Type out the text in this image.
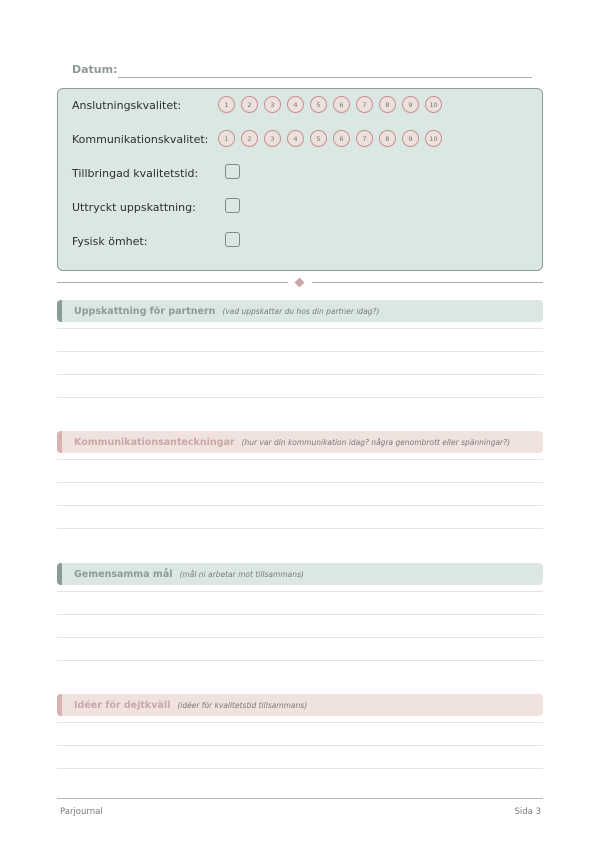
Datum:
Anslutningskvalitet:	1	2	3	4	5	6	7	8	9	10
Kommunikationskvalitet:	1	2	3	4	5	6	7	8	9	10
Tillbringad kvalitetstid:
Uttryckt uppskattning:
Fysisk ömhet:
Uppskattning för partnern (vad uppskattar du hos din partner idag?)
Kommunikationsanteckningar (hur var din kommunikation idag? några genombrott eller spänningar?)
Gemensamma mål (mål ni arbetar mot tillsammans)
Idéer för dejtkväll (idéer för kvalitetstid tillsammans)
Parjournal	Sida 3
